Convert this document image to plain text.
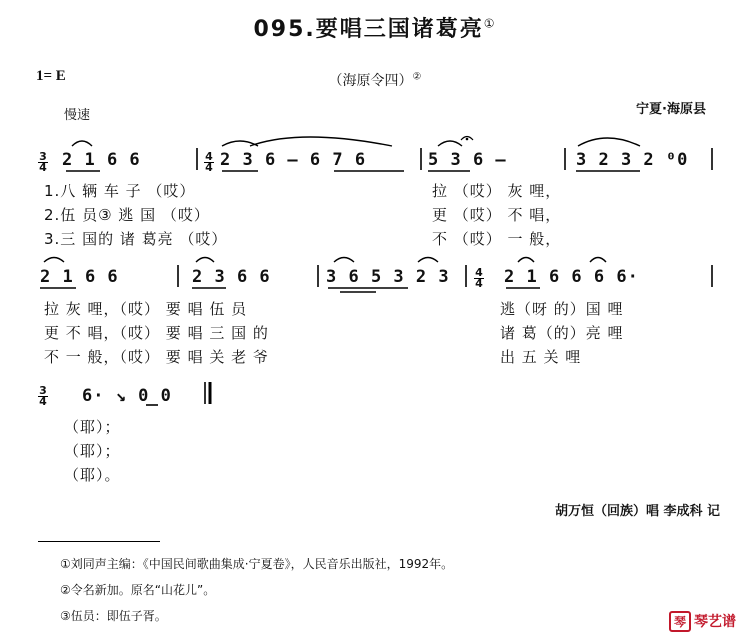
095.要唱三国诸葛亮①
1= E	（海原令四）②
慢速	宁夏·海原县
3
4
4
4
4
4
3
4
2 1 6 6	2 3 6 — 6 7 6	5 3 6 —	3 2 3 2 ⁰0
1.八 辆 车 子 （哎）
2.伍 员③ 逃 国 （哎）
3.三 国的 诸 葛亮 （哎）
拉 （哎） 灰 哩，
更 （哎） 不 唱，
不 （哎） 一 般，
2 1 6 6	2 3 6 6	3 6 5 3 2 3	2 1 6 6 6 6·
拉 灰 哩，（哎） 要 唱 伍 员
更 不 唱，（哎） 要 唱 三 国 的
不 一 般，（哎） 要 唱 关 老 爷
逃（呀 的）国 哩
诸 葛（的）亮 哩
出 五 关 哩
6· ↘ 0 0
（耶）；
（耶）；
（耶）。
胡万恒（回族）唱 李成科 记
①刘同声主编：《中国民间歌曲集成·宁夏卷》，人民音乐出版社，1992年。
②令名新加。原名“山花儿”。
③伍员：即伍子胥。	琴 琴艺谱
